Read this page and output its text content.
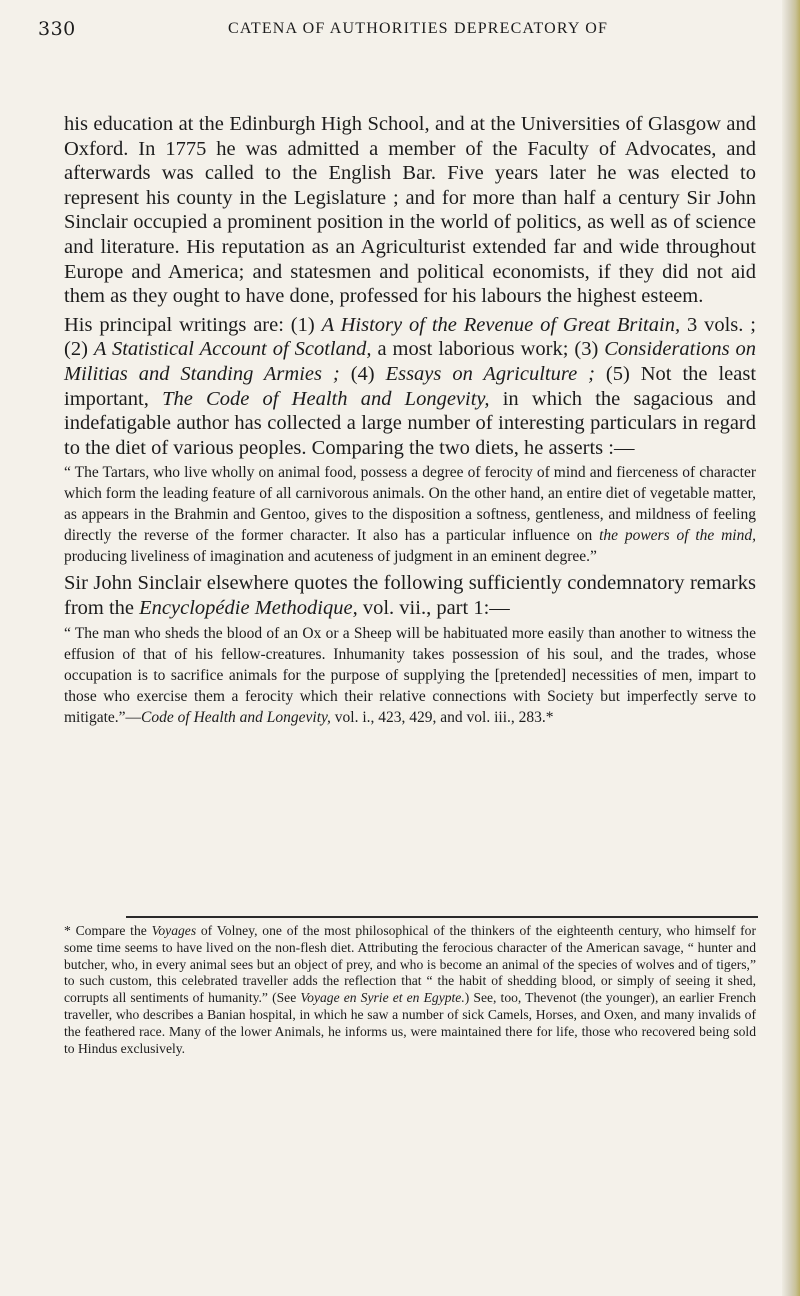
330	CATENA OF AUTHORITIES DEPRECATORY OF

his education at the Edinburgh High School, and at the Universities of Glasgow and Oxford. In 1775 he was admitted a member of the Faculty of Advocates, and afterwards was called to the English Bar. Five years later he was elected to represent his county in the Legislature ; and for more than half a century Sir John Sinclair occupied a prominent position in the world of politics, as well as of science and literature. His reputation as an Agriculturist extended far and wide throughout Europe and America; and statesmen and political economists, if they did not aid them as they ought to have done, professed for his labours the highest esteem.

His principal writings are: (1) A History of the Revenue of Great Britain, 3 vols. ; (2) A Statistical Account of Scotland, a most laborious work; (3) Considerations on Militias and Standing Armies ; (4) Essays on Agriculture ; (5) Not the least important, The Code of Health and Longevity, in which the sagacious and indefatigable author has collected a large number of interesting particulars in regard to the diet of various peoples. Comparing the two diets, he asserts :—

“ The Tartars, who live wholly on animal food, possess a degree of ferocity of mind and fierceness of character which form the leading feature of all carnivorous animals. On the other hand, an entire diet of vegetable matter, as appears in the Brahmin and Gentoo, gives to the disposition a softness, gentleness, and mildness of feeling directly the reverse of the former character. It also has a particular influence on the powers of the mind, producing liveliness of imagination and acuteness of judgment in an eminent degree.”

Sir John Sinclair elsewhere quotes the following sufficiently condemnatory remarks from the Encyclopédie Methodique, vol. vii., part 1:—

“ The man who sheds the blood of an Ox or a Sheep will be habituated more easily than another to witness the effusion of that of his fellow-creatures. Inhumanity takes possession of his soul, and the trades, whose occupation is to sacrifice animals for the purpose of supplying the [pretended] necessities of men, impart to those who exercise them a ferocity which their relative connections with Society but imperfectly serve to mitigate.”—Code of Health and Longevity, vol. i., 423, 429, and vol. iii., 283.*

* Compare the Voyages of Volney, one of the most philosophical of the thinkers of the eighteenth century, who himself for some time seems to have lived on the non-flesh diet. Attributing the ferocious character of the American savage, “ hunter and butcher, who, in every animal sees but an object of prey, and who is become an animal of the species of wolves and of tigers,” to such custom, this celebrated traveller adds the reflection that “ the habit of shedding blood, or simply of seeing it shed, corrupts all sentiments of humanity.” (See Voyage en Syrie et en Egypte.) See, too, Thevenot (the younger), an earlier French traveller, who describes a Banian hospital, in which he saw a number of sick Camels, Horses, and Oxen, and many invalids of the feathered race. Many of the lower Animals, he informs us, were maintained there for life, those who recovered being sold to Hindus exclusively.
